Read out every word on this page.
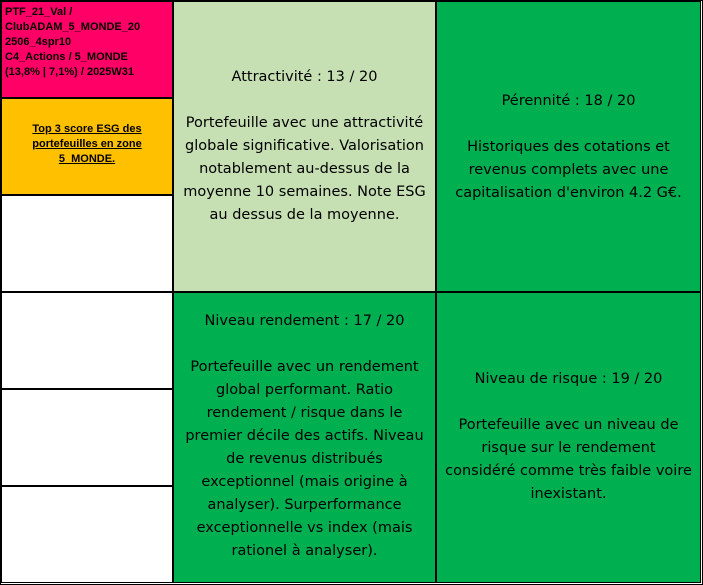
PTF_21_Val /
ClubADAM_5_MONDE_20
2506_4spr10
C4_Actions / 5_MONDE
(13,8% | 7,1%) / 2025W31
Top 3 score ESG des portefeuilles en zone 5_MONDE.
Attractivité : 13 / 20
Portefeuille avec une attractivité globale significative. Valorisation notablement au-dessus de la moyenne 10 semaines. Note ESG au dessus de la moyenne.
Pérennité : 18 / 20
Historiques des cotations et revenus complets avec une capitalisation d'environ 4.2 G€.
Niveau rendement : 17 / 20
Portefeuille avec un rendement global performant. Ratio rendement / risque dans le premier décile des actifs. Niveau de revenus distribués exceptionnel (mais origine à analyser). Surperformance exceptionnelle vs index (mais rationel à analyser).
Niveau de risque : 19 / 20
Portefeuille avec un niveau de risque sur le rendement considéré comme très faible voire inexistant.
